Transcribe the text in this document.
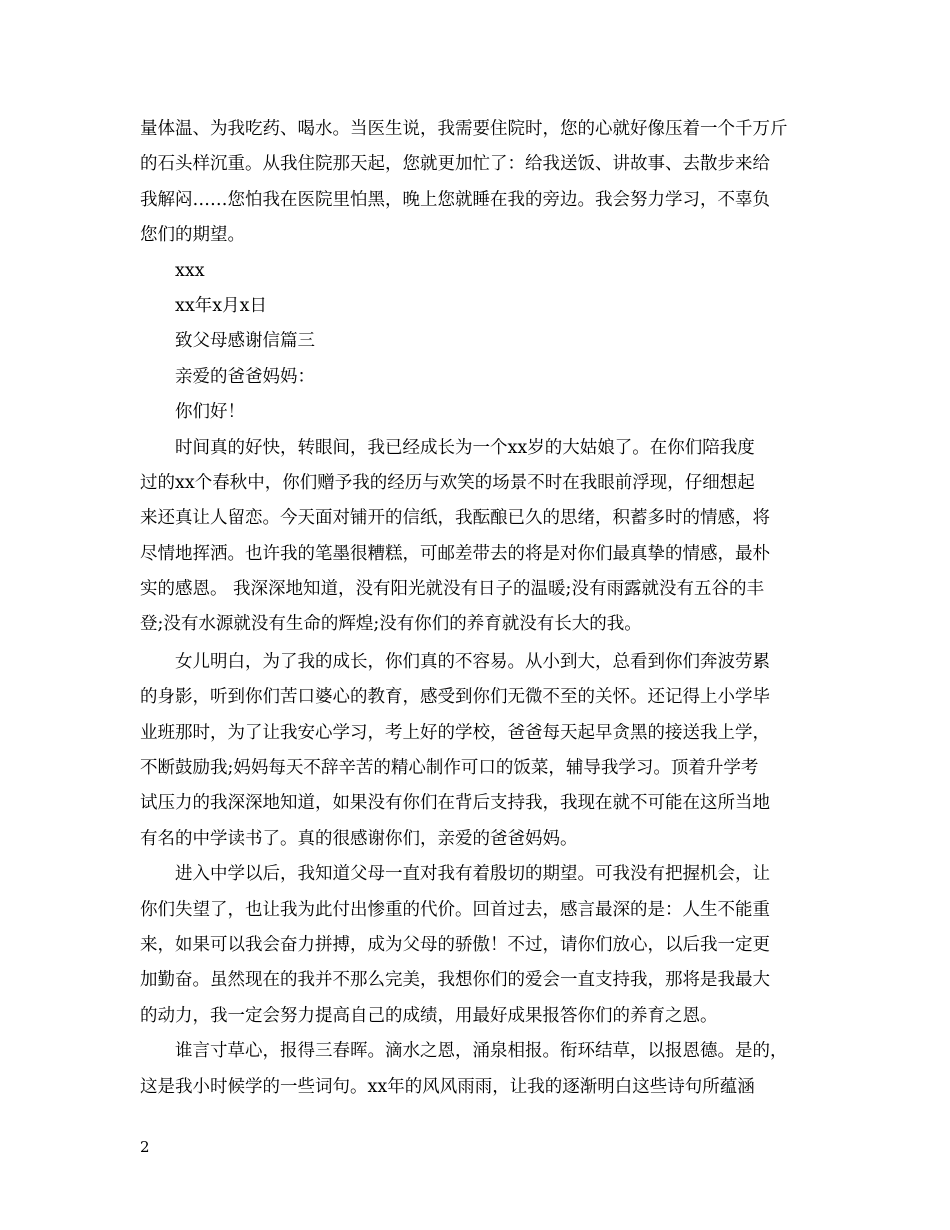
量体温、为我吃药、喝水。当医生说，我需要住院时，您的心就好像压着一个千万斤
的石头样沉重。从我住院那天起，您就更加忙了：给我送饭、讲故事、去散步来给
我解闷……您怕我在医院里怕黑，晚上您就睡在我的旁边。我会努力学习，不辜负
您们的期望。
xxx
xx年x月x日
致父母感谢信篇三
亲爱的爸爸妈妈：
你们好！
时间真的好快，转眼间，我已经成长为一个xx岁的大姑娘了。在你们陪我度
过的xx个春秋中，你们赠予我的经历与欢笑的场景不时在我眼前浮现，仔细想起
来还真让人留恋。今天面对铺开的信纸，我酝酿已久的思绪，积蓄多时的情感，将
尽情地挥洒。也许我的笔墨很糟糕，可邮差带去的将是对你们最真挚的情感，最朴
实的感恩。 我深深地知道，没有阳光就没有日子的温暖;没有雨露就没有五谷的丰
登;没有水源就没有生命的辉煌;没有你们的养育就没有长大的我。
女儿明白，为了我的成长，你们真的不容易。从小到大，总看到你们奔波劳累
的身影，听到你们苦口婆心的教育，感受到你们无微不至的关怀。还记得上小学毕
业班那时，为了让我安心学习，考上好的学校，爸爸每天起早贪黑的接送我上学，
不断鼓励我;妈妈每天不辞辛苦的精心制作可口的饭菜，辅导我学习。顶着升学考
试压力的我深深地知道，如果没有你们在背后支持我，我现在就不可能在这所当地
有名的中学读书了。真的很感谢你们，亲爱的爸爸妈妈。
进入中学以后，我知道父母一直对我有着殷切的期望。可我没有把握机会，让
你们失望了，也让我为此付出惨重的代价。回首过去，感言最深的是：人生不能重
来，如果可以我会奋力拼搏，成为父母的骄傲！不过，请你们放心，以后我一定更
加勤奋。虽然现在的我并不那么完美，我想你们的爱会一直支持我，那将是我最大
的动力，我一定会努力提高自己的成绩，用最好成果报答你们的养育之恩。
谁言寸草心，报得三春晖。滴水之恩，涌泉相报。衔环结草，以报恩德。是的，
这是我小时候学的一些词句。xx年的风风雨雨，让我的逐渐明白这些诗句所蕴涵
2
